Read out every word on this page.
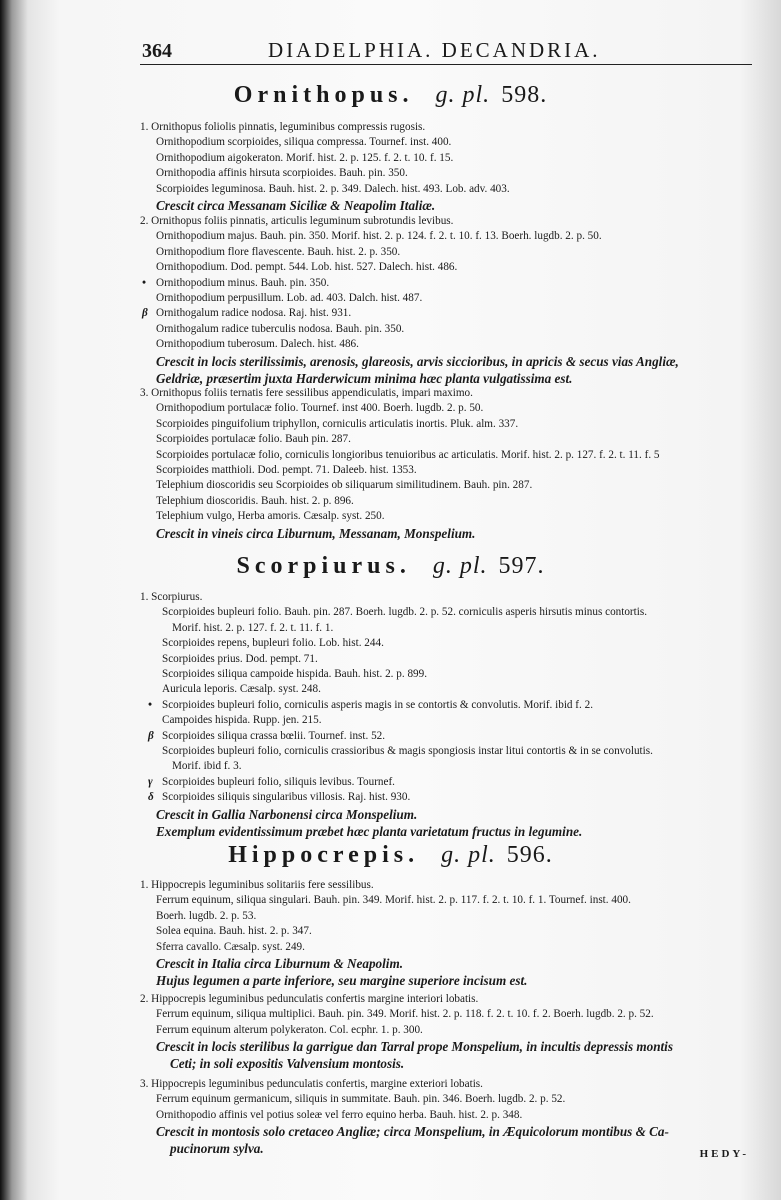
364	DIADELPHIA. DECANDRIA.
Ornithopus. g. pl. 598.
1. Ornithopus foliolis pinnatis, leguminibus compressis rugosis.
Ornithopodium scorpioides, siliqua compressa. Tournef. inst. 400.
Ornithopodium aigokeraton. Morif. hist. 2. p. 125. f. 2. t. 10. f. 15.
Ornithopodia affinis hirsuta scorpioides. Bauh. pin. 350.
Scorpioides leguminosa. Bauh. hist. 2. p. 349. Dalech. hist. 493. Lob. adv. 403.
Crescit circa Messanam Siciliæ & Neapolim Italiæ.
2. Ornithopus foliis pinnatis, articulis leguminum subrotundis levibus.
Ornithopodium majus. Bauh. pin. 350. Morif. hist. 2. p. 124. f. 2. t. 10. f. 13. Boerh. lugdb. 2. p. 50.
Ornithopodium flore flavescente. Bauh. hist. 2. p. 350.
Ornithopodium. Dod. pempt. 544. Lob. hist. 527. Dalech. hist. 486.
• Ornithopodium minus. Bauh. pin. 350.
Ornithopodium perpusillum. Lob. ad. 403. Dalch. hist. 487.
β Ornithogalum radice nodosa. Raj. hist. 931.
Ornithogalum radice tuberculis nodosa. Bauh. pin. 350.
Ornithopodium tuberosum. Dalech. hist. 486.
Crescit in locis sterilissimis, arenosis, glareosis, arvis siccioribus, in apricis & secus vias Angliæ,
Geldriæ, præsertim juxta Harderwicum minima hæc planta vulgatissima est.
3. Ornithopus foliis ternatis fere sessilibus appendiculatis, impari maximo.
Ornithopodium portulacæ folio. Tournef. inst 400. Boerh. lugdb. 2. p. 50.
Scorpioides pinguifolium triphyllon, corniculis articulatis inortis. Pluk. alm. 337.
Scorpioides portulacæ folio. Bauh pin. 287.
Scorpioides portulacæ folio, corniculis longioribus tenuioribus ac articulatis. Morif. hist. 2. p. 127. f. 2. t. 11. f. 5
Scorpioides matthioli. Dod. pempt. 71. Daleeb. hist. 1353.
Telephium dioscoridis seu Scorpioides ob siliquarum similitudinem. Bauh. pin. 287.
Telephium dioscoridis. Bauh. hist. 2. p. 896.
Telephium vulgo, Herba amoris. Cæsalp. syst. 250.
Crescit in vineis circa Liburnum, Messanam, Monspelium.
Scorpiurus. g. pl. 597.
1. Scorpiurus.
Scorpioides bupleuri folio. Bauh. pin. 287. Boerh. lugdb. 2. p. 52. corniculis asperis hirsutis minus contortis.
Morif. hist. 2. p. 127. f. 2. t. 11. f. 1.
Scorpioides repens, bupleuri folio. Lob. hist. 244.
Scorpioides prius. Dod. pempt. 71.
Scorpioides siliqua campoide hispida. Bauh. hist. 2. p. 899.
Auricula leporis. Cæsalp. syst. 248.
• Scorpioides bupleuri folio, corniculis asperis magis in se contortis & convolutis. Morif. ibid f. 2.
Campoides hispida. Rupp. jen. 215.
β Scorpioides siliqua crassa bœlii. Tournef. inst. 52.
Scorpioides bupleuri folio, corniculis crassioribus & magis spongiosis instar litui contortis & in se convolutis.
Morif. ibid f. 3.
γ Scorpioides bupleuri folio, siliquis levibus. Tournef.
δ Scorpioides siliquis singularibus villosis. Raj. hist. 930.
Crescit in Gallia Narbonensi circa Monspelium.
Exemplum evidentissimum præbet hæc planta varietatum fructus in legumine.
Hippocrepis. g. pl. 596.
1. Hippocrepis leguminibus solitariis fere sessilibus.
Ferrum equinum, siliqua singulari. Bauh. pin. 349. Morif. hist. 2. p. 117. f. 2. t. 10. f. 1. Tournef. inst. 400.
Boerh. lugdb. 2. p. 53.
Solea equina. Bauh. hist. 2. p. 347.
Sferra cavallo. Cæsalp. syst. 249.
Crescit in Italia circa Liburnum & Neapolim.
Hujus legumen a parte inferiore, seu margine superiore incisum est.
2. Hippocrepis leguminibus pedunculatis confertis margine interiori lobatis.
Ferrum equinum, siliqua multiplici. Bauh. pin. 349. Morif. hist. 2. p. 118. f. 2. t. 10. f. 2. Boerh. lugdb. 2. p. 52.
Ferrum equinum alterum polykeraton. Col. ecphr. 1. p. 300.
Crescit in locis sterilibus la garrigue dan Tarral prope Monspelium, in incultis depressis montis
Ceti; in soli expositis Valvensium montosis.
3. Hippocrepis leguminibus pedunculatis confertis, margine exteriori lobatis.
Ferrum equinum germanicum, siliquis in summitate. Bauh. pin. 346. Boerh. lugdb. 2. p. 52.
Ornithopodio affinis vel potius soleæ vel ferro equino herba. Bauh. hist. 2. p. 348.
Crescit in montosis solo cretaceo Angliæ; circa Monspelium, in Æquicolorum montibus & Ca-
pucinorum sylva.	HEDY-
